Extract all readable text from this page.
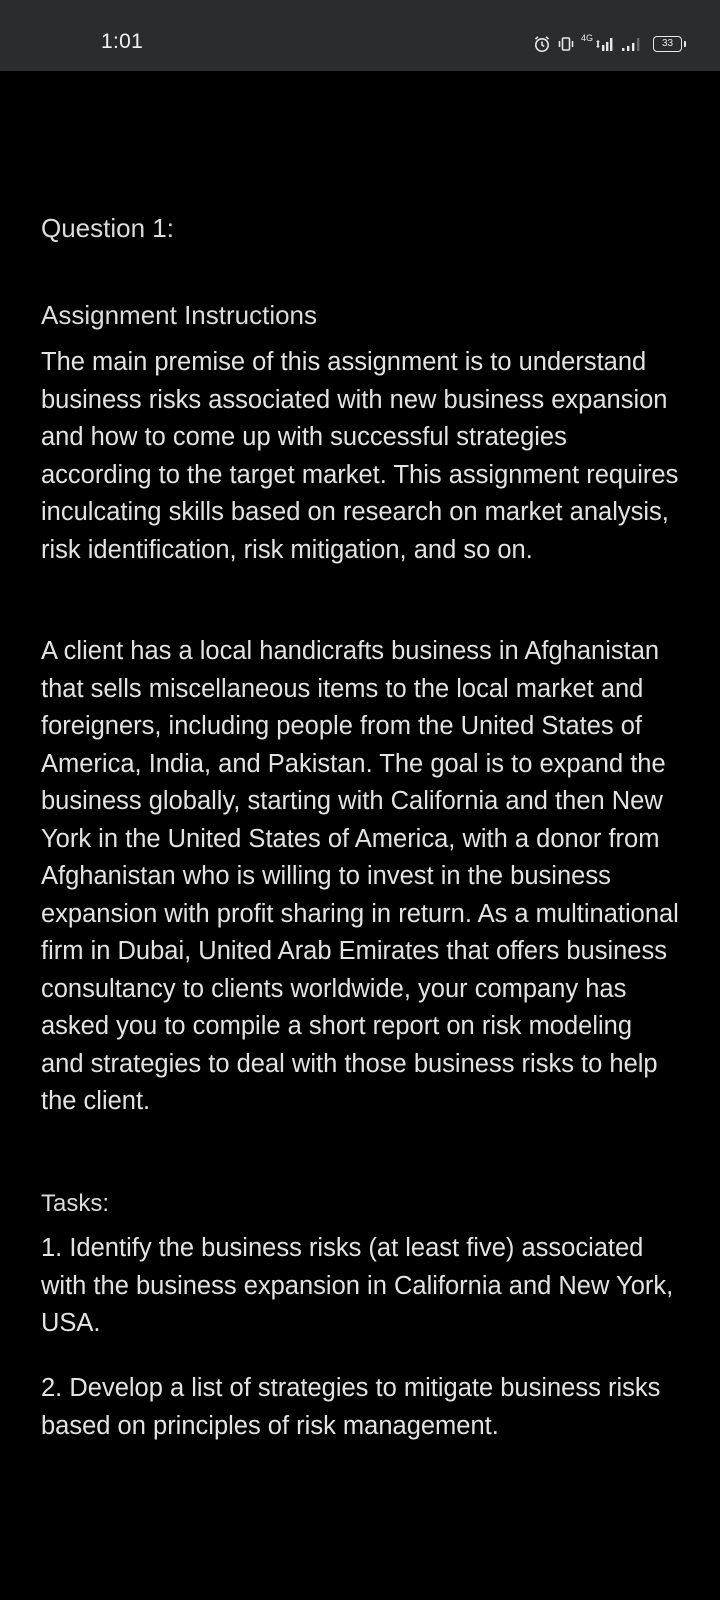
1:01	4G
33
Question 1:
Assignment Instructions

The main premise of this assignment is to understand business risks associated with new business expansion and how to come up with successful strategies according to the target market. This assignment requires inculcating skills based on research on market analysis, risk identification, risk mitigation, and so on.

A client has a local handicrafts business in Afghanistan that sells miscellaneous items to the local market and foreigners, including people from the United States of America, India, and Pakistan. The goal is to expand the business globally, starting with California and then New York in the United States of America, with a donor from Afghanistan who is willing to invest in the business expansion with profit sharing in return. As a multinational firm in Dubai, United Arab Emirates that offers business consultancy to clients worldwide, your company has asked you to compile a short report on risk modeling and strategies to deal with those business risks to help the client.

Tasks:

1. Identify the business risks (at least five) associated with the business expansion in California and New York, USA.

2. Develop a list of strategies to mitigate business risks based on principles of risk management.
